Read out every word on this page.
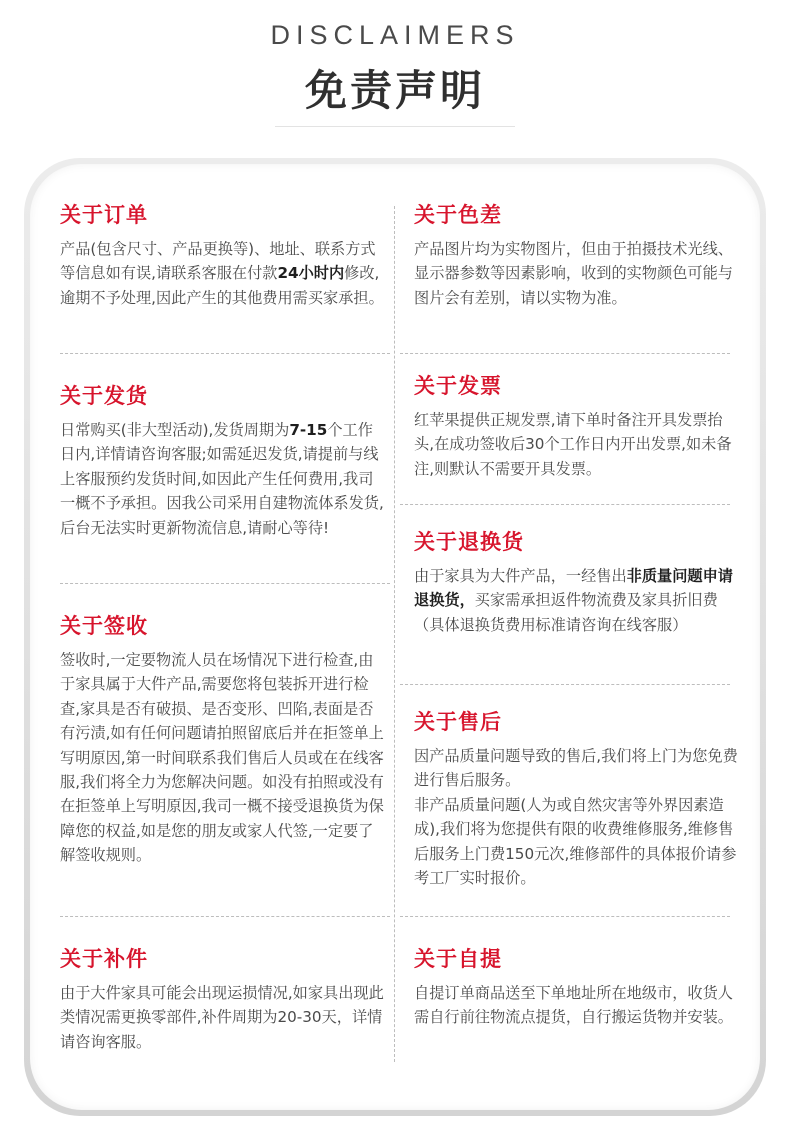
DISCLAIMERS
免责声明
关于订单

产品(包含尺寸、产品更换等)、地址、联系方式等信息如有误,请联系客服在付款24小时内修改,逾期不予处理,因此产生的其他费用需买家承担。

关于发货

日常购买(非大型活动),发货周期为7-15个工作日内,详情请咨询客服;如需延迟发货,请提前与线上客服预约发货时间,如因此产生任何费用,我司一概不予承担。因我公司采用自建物流体系发货,后台无法实时更新物流信息,请耐心等待!

关于签收

签收时,一定要物流人员在场情况下进行检查,由于家具属于大件产品,需要您将包装拆开进行检查,家具是否有破损、是否变形、凹陷,表面是否有污渍,如有任何问题请拍照留底后并在拒签单上写明原因,第一时间联系我们售后人员或在在线客服,我们将全力为您解决问题。如没有拍照或没有在拒签单上写明原因,我司一概不接受退换货为保障您的权益,如是您的朋友或家人代签,一定要了解签收规则。

关于补件

由于大件家具可能会出现运损情况,如家具出现此类情况需更换零部件,补件周期为20-30天，详情请咨询客服。

关于色差

产品图片均为实物图片，但由于拍摄技术光线、显示器参数等因素影响，收到的实物颜色可能与图片会有差别，请以实物为准。

关于发票

红苹果提供正规发票,请下单时备注开具发票抬头,在成功签收后30个工作日内开出发票,如未备注,则默认不需要开具发票。

关于退换货

由于家具为大件产品，一经售出非质量问题申请退换货，买家需承担返件物流费及家具折旧费（具体退换货费用标准请咨询在线客服）

关于售后

因产品质量问题导致的售后,我们将上门为您免费进行售后服务。
非产品质量问题(人为或自然灾害等外界因素造成),我们将为您提供有限的收费维修服务,维修售后服务上门费150元次,维修部件的具体报价请参考工厂实时报价。

关于自提

自提订单商品送至下单地址所在地级市，收货人需自行前往物流点提货，自行搬运货物并安装。
